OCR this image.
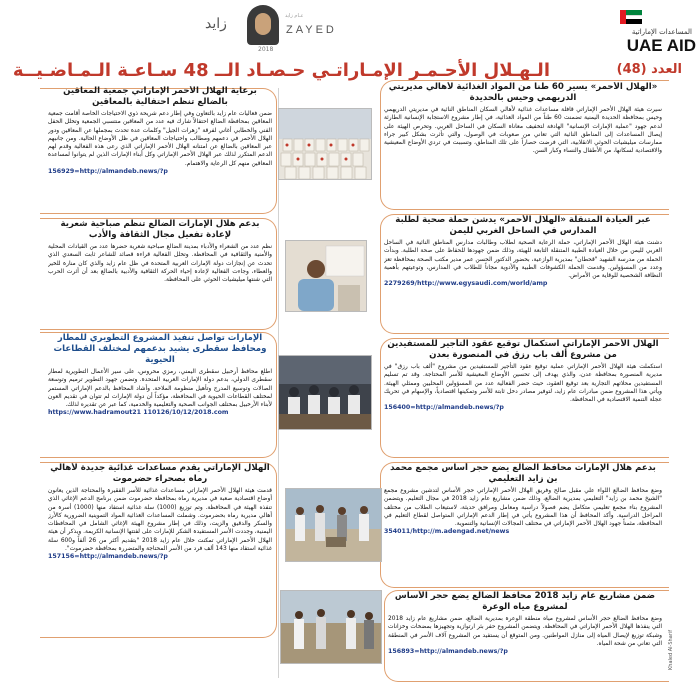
المساعدات الإماراتية
UAE AID
عـام زايد
زايد	ZAYED
2018
الـهـلال الأحـمـر الإمـاراتـي حـصـاد الــ 48 سـاعـة الـمـاضـيــة	العدد (48)
برعاية الهلال الأحمر الإماراتي جمعية المعاقين بالضالع تنظم احتفالية بالمعاقين
ضمن فعاليات عام زايد بالتعاون وفي إطار دعم شريحة ذوي الاحتياجات الخاصة أقامت جمعية المعاقين بمحافظة الضالع احتفالاً شارك فيه عدد من المعاقين منتسبي الجمعية وتخلل الحفل الفني والخطابي أغاني لفرقة "زهرات الجيل" وكلمات عدة تحدث بمجملها عن المعاقين ودور الهلال الأحمر في دعمهم ومطالب واحتياجات المعاقين في ظل الأوضاع الحالية. ومن جانبهم عبر المعاقين بالضالع عن امتنانه الهلال الأحمر الإماراتي الذي رعى هذه الفعالية وقدم لهم الدعم المتكرر لذلك عبر الهلال الأحمر الإماراتي وكل أبناء الإمارات الذين لم يتوانوا لمساعدة المعاقين منهم كل الرعاية والاهتمام.
156929=http://almandeb.news/?p
بدعم هلال الإمارات الضالع تنظم صباحية شعرية لإعادة تفعيل مجال الثقافة والأدب
نظم عدد من الشعراء والأدباء بمدينة الضالع صباحية شعرية حضرها عدد من القيادات المحلية والأمنية والثقافية في المحافظة. وتخلل الفعالية قراءة قصائد للشاعر ثابت السعدي الذي تحدث عن إنجازات دولة الإمارات العربية المتحدة في ظل عام زايد والذي كان منارة للخير والعطاء، وجاءت الفعالية لإعادة إحياء الحركة الثقافية والأدبية بالضالع بعد أن أثرت الحرب التي شنتها ميليشيات الحوثي على المحافظة.
الإمارات تواصل تنفيذ المشروع التطويري للمطار ومحافظ سقطرى يشيد بدعمهم لمختلف القطاعات الحيوية
اطلع محافظ أرخبيل سقطرى اليمني، رمزي محروس، على سير الأعمال التطويرية لمطار سقطرى الدولي، بدعم دولة الإمارات العربية المتحدة. وتضمن جهود التطوير ترميم وتوسعة الصالات وتوسيع المدرج وتأهيل منظومة الملاحة. وأشاد المحافظ بالدعم الإماراتي المستمر لمختلف القطاعات الحيوية في المحافظة، مؤكداً أن دولة الإمارات لم تتوان في تقديم العون لأبناء الأرخبيل بمختلف الجوانب الصحية والتعليمية والخدمية، كما عبر عن تقديره لذلك.
https://www.hadramout21 110126/10/12/2018.com
الهلال الإماراتي يقدم مساعدات غذائية جديدة لأهالي رماه بصحراء حضرموت
قدمت هيئة الهلال الأحمر الإماراتي مساعدات غذائية للأسر الفقيرة والمحتاجة الذين يعانون أوضاع اقتصادية صعبة في مديرية رماه بمحافظة حضرموت ضمن برنامج الدعم الإغاثي الذي تنفذه الهيئة في المحافظة. وتم توزيع (1000) سلة غذائية استفاد منها (1000) أسرة من أهالي مديرية رماه بحضرموت. وشملت المساعدات الغذائية المواد التموينية الضرورية كالأرز والسكر والدقيق والزيت، وذلك في إطار مشروع الهيئة الإغاثي الشامل في المحافظات اليمنية، وجددت الأسر المستفيدة الشكر للإمارات على لفتتها الإنسانية الكريمة. ويذكر أن هيئة الهلال الأحمر الإماراتي تمكنت خلال عام زايد 2018 "بتقديم أكثر من 26 ألفاً و600 سلة غذائية استفاد منها 143 ألف فرد من الأسر المحتاجة والمتضررة بمحافظة حضرموت".
157156=http://almandeb.news/?p
«الهلال الأحمر» يسير 60 طناً من المواد الغذائية لأهالي مديريتي الدريهمي وحيس بالحديدة
سيرت هيئة الهلال الأحمر الإماراتي قافلة مساعدات غذائية لأهالي السكان المناطق النائية في مديريتي الدريهمي وحيس بمحافظة الحديدة اليمنية تضمنت 60 طناً من المواد الغذائية، في إطار مشروع الاستجابة الإنسانية الطارئة لدعم جهود "عملية الإمارات الإنسانية" الهادفة لتخفيف معاناة السكان في الساحل الغربي. وتحرص الهيئة على إيصال المساعدات إلى المناطق النائية التي تعاني من صعوبات في الوصول، والتي تأثرت بشكل كبير جراء ممارسات ميليشيات الحوثي الانقلابية، التي فرضت حصاراً على تلك المناطق، وتسببت في تردي الأوضاع المعيشية والاقتصادية لسكانها، من الأطفال والنساء وكبار السن.
عبر العيادة المتنقلة «الهلال الأحمر» يدشن حملة صحية لطلبة المدارس في الساحل الغربي لليمن
دشنت هيئة الهلال الأحمر الإماراتي، حملة الرعاية الصحية لطلاب وطالبات مدارس المناطق النائية في الساحل الغربي لليمن من خلال العيادة الطبية المتنقلة التابعة للهيئة، وذلك ضمن جهودها للحفاظ على صحة الطلبة. وبدأت الحملة من مدرسة الشهيد "قحطان" بمديرية الوازعية، بحضور الدكتور الحسن عمر مدير مكتب الصحة بمحافظة تعز وعدد من المسؤولين. وقدمت الحملة الكشوفات الطبية والأدوية مجاناً للطلاب في المدارس، وتوعيتهم بأهمية النظافة الشخصية للوقاية من الأمراض.
2279269/http://www.egysaudi.com/world/amp
الهلال الأحمر الإماراتي استكمال توقيع عقود التأجير للمستفيدين من مشروع ألف باب رزق في المنصورة بعدن
استكملت هيئة الهلال الأحمر الإماراتي عملية توقيع عقود التأجير للمستفيدين من مشروع "ألف باب رزق" في مديرية المنصورة بمحافظة عدن، والذي يهدف إلى تحسين الأوضاع المعيشية للأسر المحتاجة. وقد تم تسليم المستفيدين محلاتهم التجارية بعد توقيع العقود، حيث حضر الفعالية عدد من المسؤولين المحليين وممثلي الهيئة. ويأتي هذا المشروع ضمن مبادرات عام زايد، لتوفير مصادر دخل ثابتة للأسر وتمكينها اقتصادياً، والإسهام في تحريك عجلة التنمية الاقتصادية في المحافظة.
156400=http://almandeb.news/?p
بدعم هلال الإمارات محافظ الضالع يضع حجر أساس مجمع محمد بن زايد التعليمي
وضع محافظ الضالع اللواء علي مقبل صالح وفريق الهلال الأحمر الإماراتي حجر الأساس لتدشين مشروع مجمع "الشيخ محمد بن زايد" التعليمي بمديرية الضالع، وذلك ضمن مشاريع عام زايد 2018 في مجال التعليم. ويتضمن المشروع بناء مجمع تعليمي متكامل يضم فصولاً دراسية ومعامل ومرافق حديثة، لاستيعاب الطلاب من مختلف المراحل الدراسية. وأكد المحافظ أن هذا المشروع يأتي في إطار الدعم الإماراتي المتواصل لقطاع التعليم في المحافظة، مثمناً جهود الهلال الأحمر الإماراتي في مختلف المجالات الإنسانية والتنموية.
354011/http://m.adengad.net/news
ضمن مشاريع عام زايد 2018 محافظ الضالع يضع حجر الأساس لمشروع مياه الوعرة
وضع محافظ الضالع حجر الأساس لمشروع مياه منطقة الوعرة بمديرية الضالع، ضمن مشاريع عام زايد 2018 التي ينفذها الهلال الأحمر الإماراتي في المحافظة. ويتضمن المشروع حفر بئر ارتوازية وتجهيزها بمضخات وخزانات وشبكة توزيع لإيصال المياه إلى منازل المواطنين. ومن المتوقع أن يستفيد من المشروع آلاف الأسر في المنطقة التي تعاني من شحة المياه.
156893=http://almandeb.news/?p	Khaled Al-Sharif
